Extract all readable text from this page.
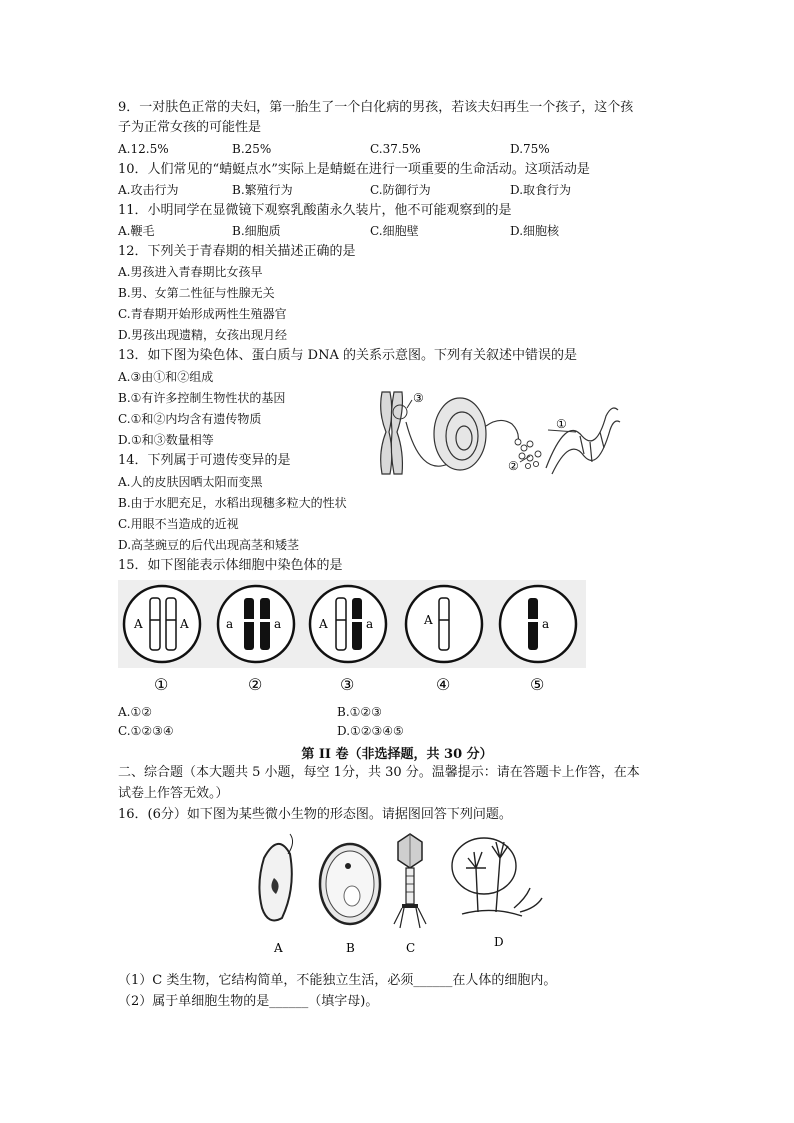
9．一对肤色正常的夫妇，第一胎生了一个白化病的男孩，若该夫妇再生一个孩子，这个孩
子为正常女孩的可能性是
A.12.5%	B.25%	C.37.5%	D.75%
10．人们常见的“蜻蜓点水”实际上是蜻蜓在进行一项重要的生命活动。这项活动是
A.攻击行为	B.繁殖行为	C.防御行为	D.取食行为
11．小明同学在显微镜下观察乳酸菌永久装片，他不可能观察到的是
A.鞭毛	B.细胞质	C.细胞壁	D.细胞核
12．下列关于青春期的相关描述正确的是
A.男孩进入青春期比女孩早
B.男、女第二性征与性腺无关
C.青春期开始形成两性生殖器官
D.男孩出现遗精，女孩出现月经
13．如下图为染色体、蛋白质与 DNA 的关系示意图。下列有关叙述中错误的是
A.③由①和②组成
B.①有许多控制生物性状的基因
C.①和②内均含有遗传物质
D.①和③数量相等
③
①
②
14．下列属于可遗传变异的是
A.人的皮肤因晒太阳而变黑
B.由于水肥充足，水稻出现穗多粒大的性状
C.用眼不当造成的近视
D.高茎豌豆的后代出现高茎和矮茎
15．如下图能表示体细胞中染色体的是
A	A	a	a	A	a	A	a
①	②	③	④	⑤
A.①②	B.①②③
C.①②③④	D.①②③④⑤
第 II 卷（非选择题，共 30 分）
二、综合题（本大题共 5 小题，每空 1分，共 30 分。温馨提示：请在答题卡上作答，在本
试卷上作答无效。）
16．(6分）如下图为某些微小生物的形态图。请据图回答下列问题。
A	B	C	D
（1）C 类生物，它结构简单，不能独立生活，必须______在人体的细胞内。
（2）属于单细胞生物的是______（填字母)。
